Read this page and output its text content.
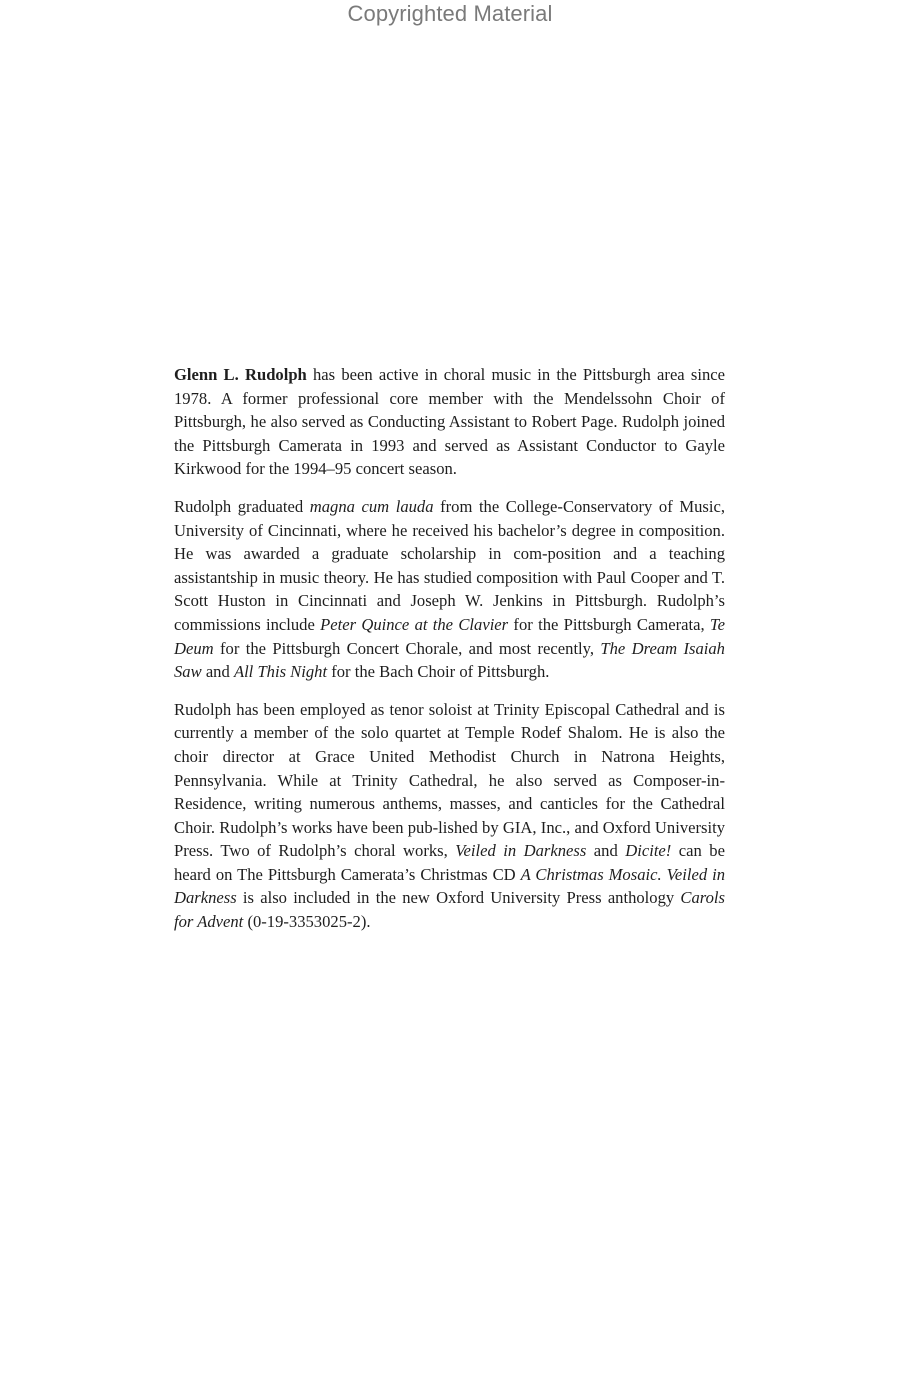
Copyrighted Material

Glenn L. Rudolph has been active in choral music in the Pittsburgh area since 1978. A former professional core member with the Mendelssohn Choir of Pittsburgh, he also served as Conducting Assistant to Robert Page. Rudolph joined the Pittsburgh Camerata in 1993 and served as Assistant Conductor to Gayle Kirkwood for the 1994–95 concert season.

Rudolph graduated magna cum lauda from the College-Conservatory of Music, University of Cincinnati, where he received his bachelor’s degree in composition. He was awarded a graduate scholarship in com-position and a teaching assistantship in music theory. He has studied composition with Paul Cooper and T. Scott Huston in Cincinnati and Joseph W. Jenkins in Pittsburgh. Rudolph’s commissions include Peter Quince at the Clavier for the Pittsburgh Camerata, Te Deum for the Pittsburgh Concert Chorale, and most recently, The Dream Isaiah Saw and All This Night for the Bach Choir of Pittsburgh.

Rudolph has been employed as tenor soloist at Trinity Episcopal Cathedral and is currently a member of the solo quartet at Temple Rodef Shalom. He is also the choir director at Grace United Methodist Church in Natrona Heights, Pennsylvania. While at Trinity Cathedral, he also served as Composer-in-Residence, writing numerous anthems, masses, and canticles for the Cathedral Choir. Rudolph’s works have been pub-lished by GIA, Inc., and Oxford University Press. Two of Rudolph’s choral works, Veiled in Darkness and Dicite! can be heard on The Pittsburgh Camerata’s Christmas CD A Christmas Mosaic. Veiled in Darkness is also included in the new Oxford University Press anthology Carols for Advent (0-19-3353025-2).
